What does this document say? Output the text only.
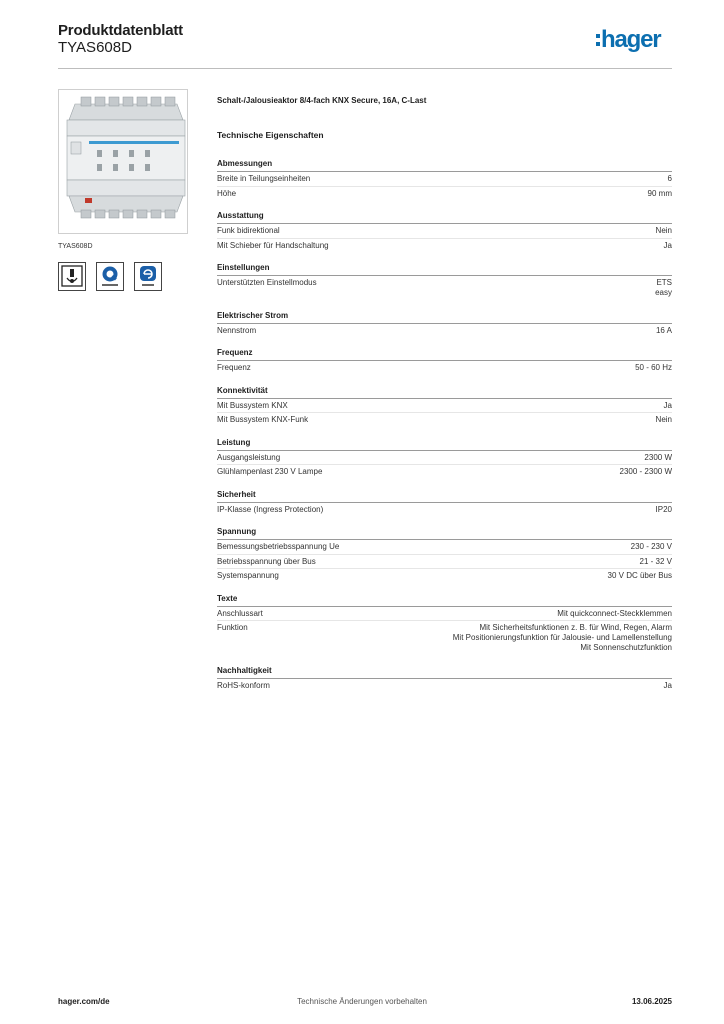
Produktdatenblatt
TYAS608D	hager
TYAS608D
Schalt-/Jalousieaktor 8/4-fach KNX Secure, 16A, C-Last
Technische Eigenschaften
Abmessungen
Breite in Teilungseinheiten	6
Höhe	90 mm
Ausstattung
Funk bidirektional	Nein
Mit Schieber für Handschaltung	Ja
Einstellungen
Unterstützten Einstellmodus	ETS
easy
Elektrischer Strom
Nennstrom	16 A
Frequenz
Frequenz	50 - 60 Hz
Konnektivität
Mit Bussystem KNX	Ja
Mit Bussystem KNX-Funk	Nein
Leistung
Ausgangsleistung	2300 W
Glühlampenlast 230 V Lampe	2300 - 2300 W
Sicherheit
IP-Klasse (Ingress Protection)	IP20
Spannung
Bemessungsbetriebsspannung Ue	230 - 230 V
Betriebsspannung über Bus	21 - 32 V
Systemspannung	30 V DC über Bus
Texte
Anschlussart	Mit quickconnect-Steckklemmen
Funktion	Mit Sicherheitsfunktionen z. B. für Wind, Regen, Alarm
Mit Positionierungsfunktion für Jalousie- und Lamellenstellung
Mit Sonnenschutzfunktion
Nachhaltigkeit
RoHS-konform	Ja
hager.com/de	Technische Änderungen vorbehalten	13.06.2025
